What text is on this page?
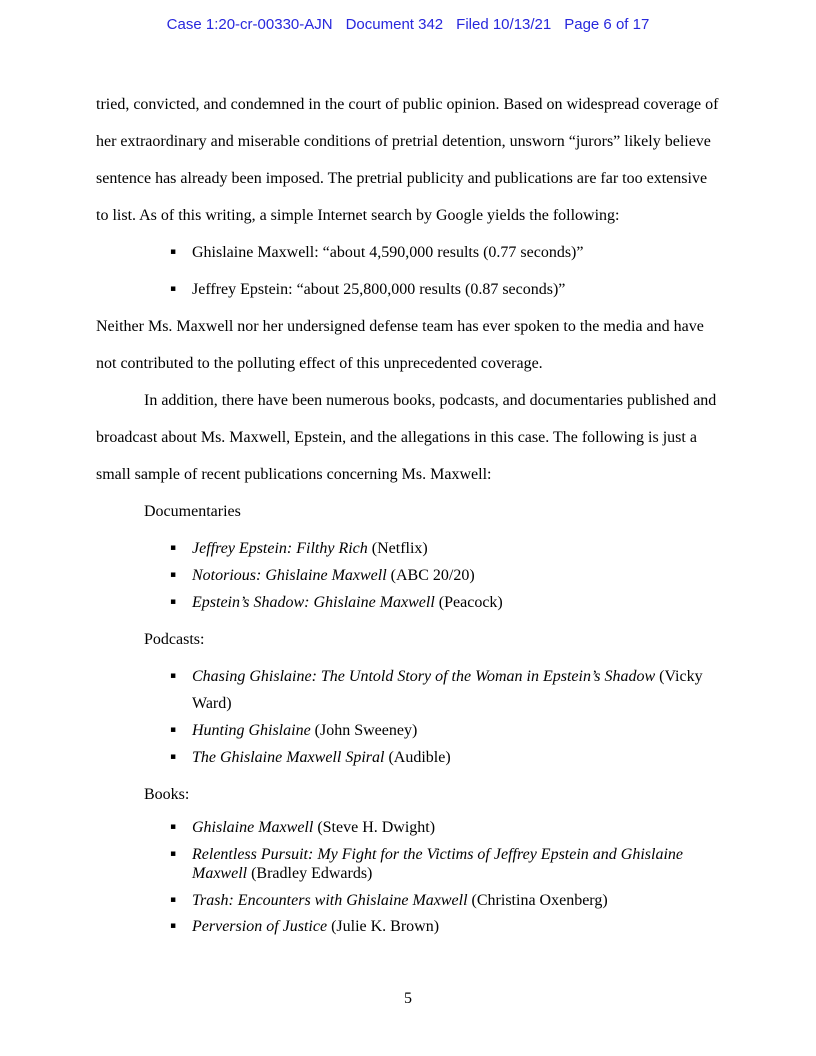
Case 1:20-cr-00330-AJN Document 342 Filed 10/13/21 Page 6 of 17

tried, convicted, and condemned in the court of public opinion. Based on widespread coverage of her extraordinary and miserable conditions of pretrial detention, unsworn “jurors” likely believe sentence has already been imposed. The pretrial publicity and publications are far too extensive to list. As of this writing, a simple Internet search by Google yields the following:

▪ Ghislaine Maxwell: “about 4,590,000 results (0.77 seconds)”
▪ Jeffrey Epstein: “about 25,800,000 results (0.87 seconds)”

Neither Ms. Maxwell nor her undersigned defense team has ever spoken to the media and have not contributed to the polluting effect of this unprecedented coverage.

In addition, there have been numerous books, podcasts, and documentaries published and broadcast about Ms. Maxwell, Epstein, and the allegations in this case. The following is just a small sample of recent publications concerning Ms. Maxwell:

Documentaries

▪ Jeffrey Epstein: Filthy Rich (Netflix)
▪ Notorious: Ghislaine Maxwell (ABC 20/20)
▪ Epstein’s Shadow: Ghislaine Maxwell (Peacock)

Podcasts:

▪ Chasing Ghislaine: The Untold Story of the Woman in Epstein’s Shadow (Vicky Ward)
▪ Hunting Ghislaine (John Sweeney)
▪ The Ghislaine Maxwell Spiral (Audible)

Books:

▪ Ghislaine Maxwell (Steve H. Dwight)
▪ Relentless Pursuit: My Fight for the Victims of Jeffrey Epstein and Ghislaine Maxwell (Bradley Edwards)
▪ Trash: Encounters with Ghislaine Maxwell (Christina Oxenberg)
▪ Perversion of Justice (Julie K. Brown)
5
